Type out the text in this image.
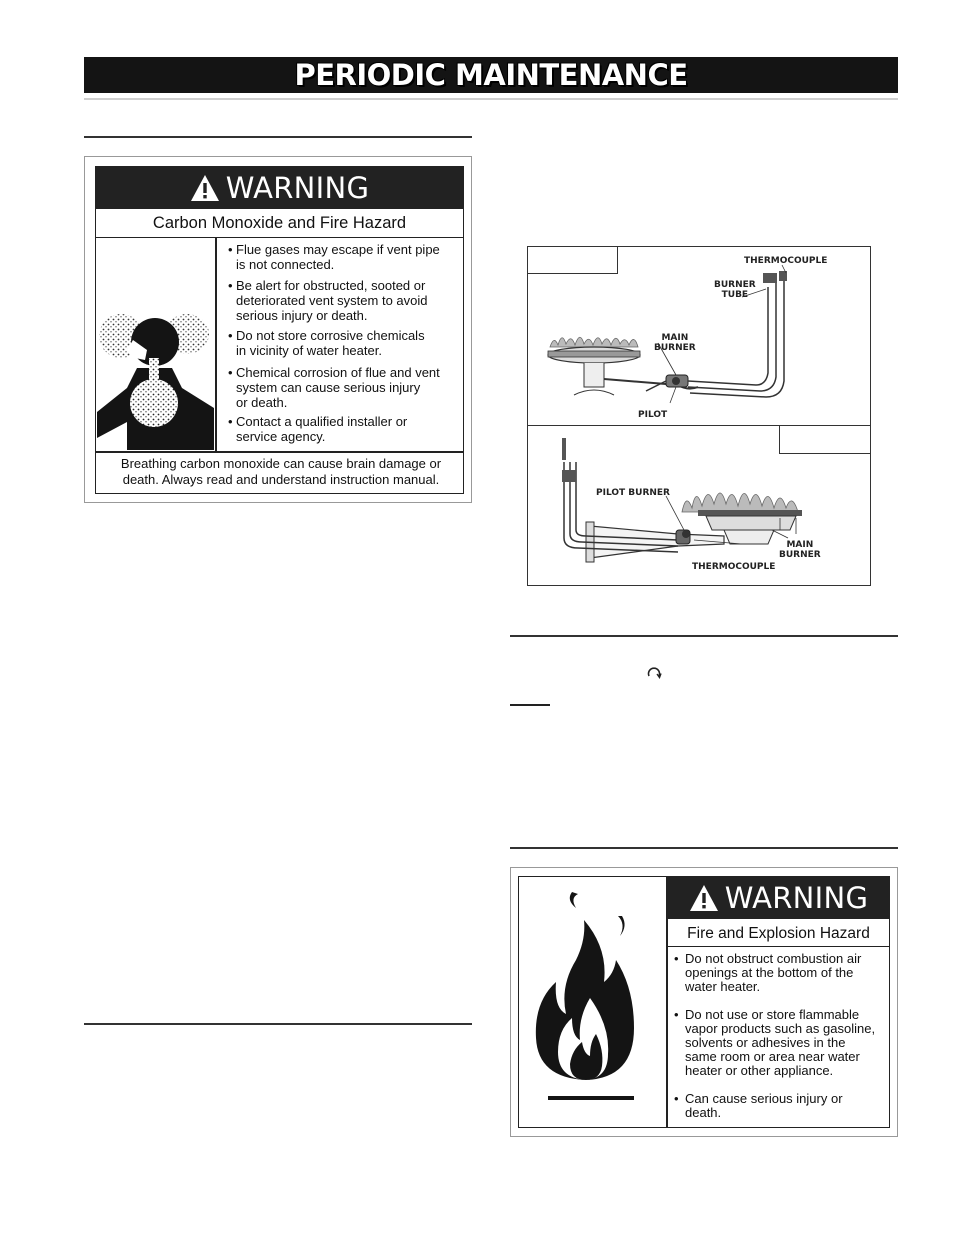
PERIODIC MAINTENANCE
WARNING
Carbon Monoxide and Fire Hazard
• Flue gases may escape if vent pipe
is not connected.
• Be alert for obstructed, sooted or
deteriorated vent system to avoid
serious injury or death.
• Do not store corrosive chemicals
in vicinity of water heater.
• Chemical corrosion of flue and vent
system can cause serious injury
or death.
• Contact a qualified installer or
service agency.
Breathing carbon monoxide can cause brain damage or
death. Always read and understand instruction manual.
THERMOCOUPLE
BURNER
TUBE
MAIN
BURNER
PILOT
PILOT BURNER
THERMOCOUPLE
MAIN
BURNER
WARNING
Fire and Explosion Hazard
• Do not obstruct combustion air
openings at the bottom of the
water heater.
• Do not use or store flammable
vapor products such as gasoline,
solvents or adhesives in the
same room or area near water
heater or other appliance.
• Can cause serious injury or
death.
